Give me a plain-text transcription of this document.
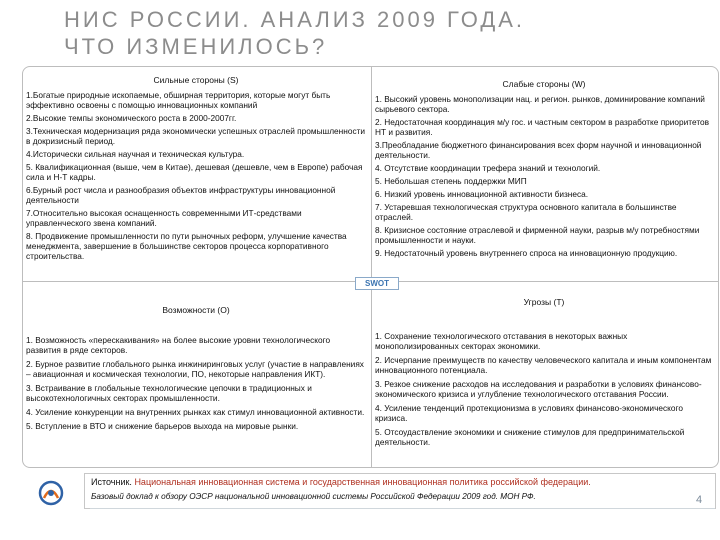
НИС РОССИИ. АНАЛИЗ 2009 ГОДА.
ЧТО ИЗМЕНИЛОСЬ?
Сильные стороны (S)

1.Богатые природные ископаемые, обширная территория, которые могут быть эффективно освоены с помощью инновационных компаний

2.Высокие темпы экономического роста в 2000-2007гг.

3.Техническая модернизация ряда экономически успешных отраслей промышленности в докризисный период.

4.Исторически сильная научная и техническая культура.

5. Квалификационная (выше, чем в Китае), дешевая (дешевле, чем в Европе) рабочая сила и Н-Т кадры.

6.Бурный рост числа и разнообразия объектов инфраструктуры инновационной деятельности

7.Относительно высокая оснащенность современными ИТ-средствами управленческого звена компаний.

8. Продвижение промышленности по пути рыночных реформ, улучшение качества менеджмента, завершение в большинстве секторов процесса корпоративного строительства.

Слабые стороны (W)

1. Высокий уровень монополизации нац. и регион. рынков, доминирование компаний сырьевого сектора.

2. Недостаточная координация м/у гос. и частным сектором в разработке приоритетов НТ и развития.

3.Преобладание бюджетного финансирования всех форм научной и инновационной деятельности.

4. Отсутствие координации трефера знаний и технологий.

5. Небольшая степень поддержки МИП

6. Низкий уровень инновационной активности бизнеса.

7. Устаревшая технологическая структура основного капитала в большинстве отраслей.

8. Кризисное состояние отраслевой и фирменной науки, разрыв м/у потребностями промышленности и науки.

9. Недостаточный уровень внутреннего спроса на инновационную продукцию.

Возможности (О)

1. Возможность «перескакивания» на более высокие уровни технологического развития в ряде секторов.

2. Бурное развитие глобального рынка инжиниринговых услуг (участие в направлениях – авиационная и космическая технологии, ПО, некоторые направления ИКТ).

3. Встраивание в глобальные технологические цепочки в традиционных и высокотехнологичных секторах промышленности.

4. Усиление конкуренции на внутренних рынках как стимул инновационной активности.

5. Вступление в ВТО и снижение барьеров выхода на мировые рынки.

Угрозы (Т)

1. Сохранение технологического отставания в некоторых важных монополизированных секторах экономики.

2. Исчерпание преимуществ по качеству человеческого капитала и иным компонентам инновационного потенциала.

3. Резкое снижение расходов на исследования и разработки в условиях финансово-экономического кризиса и углубление технологического отставания России.

4. Усиление тенденций протекционизма в условиях финансово-экономического кризиса.

5. Отсоудаствление экономики и снижение стимулов для предпринимательской деятельности.

SWOT
Источник. Национальная инновационная система и государственная инновационная политика российской федерации.
Базовый доклад к обзору ОЭСР национальной инновационной системы Российской Федерации 2009 год. МОН РФ.	4
